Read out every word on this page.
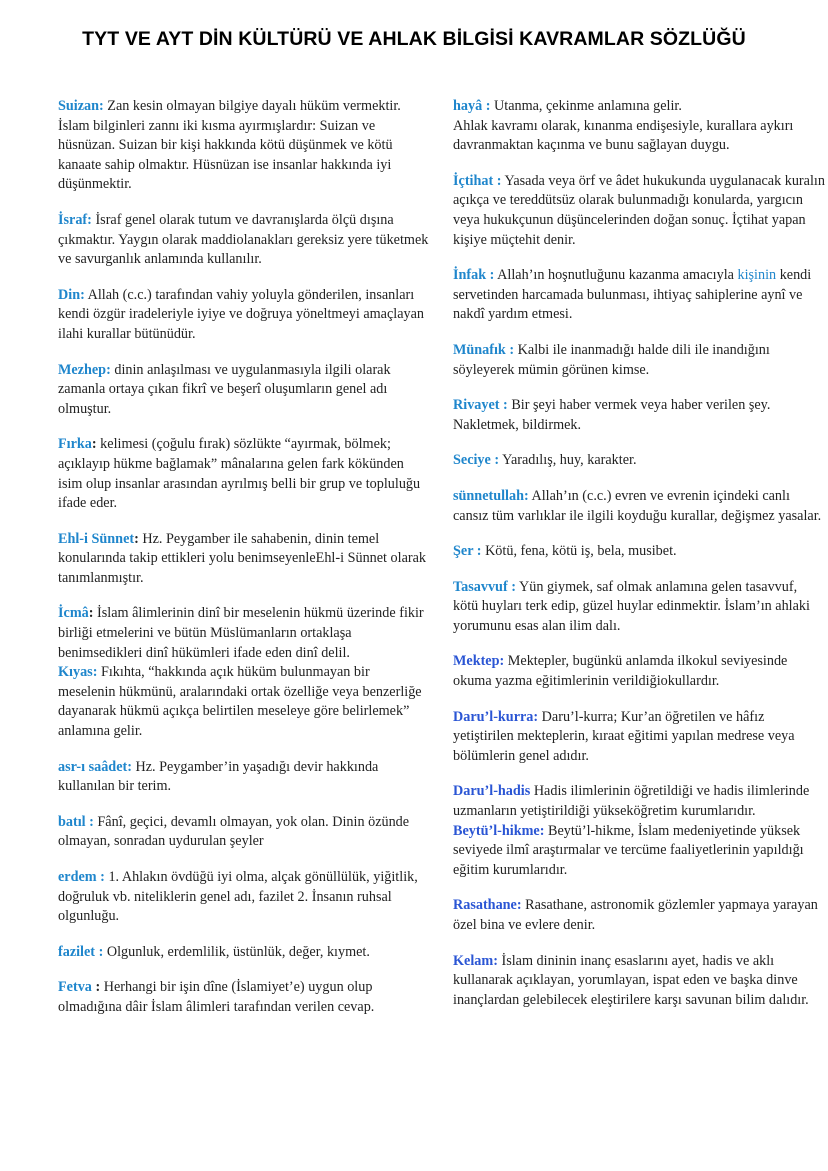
TYT VE AYT DİN KÜLTÜRÜ VE AHLAK BİLGİSİ KAVRAMLAR SÖZLÜĞÜ

Suizan: Zan kesin olmayan bilgiye dayalı hüküm vermektir. İslam bilginleri zannı iki kısma ayırmışlardır: Suizan ve hüsnüzan. Suizan bir kişi hakkında kötü düşünmek ve kötü kanaate sahip olmaktır. Hüsnüzan ise insanlar hakkında iyi düşünmektir.

İsraf: İsraf genel olarak tutum ve davranışlarda ölçü dışına çıkmaktır. Yaygın olarak maddiolanakları gereksiz yere tüketmek ve savurganlık anlamında kullanılır.

Din: Allah (c.c.) tarafından vahiy yoluyla gönderilen, insanları kendi özgür iradeleriyle iyiye ve doğruya yöneltmeyi amaçlayan ilahi kurallar bütünüdür.

Mezhep: dinin anlaşılması ve uygulanmasıyla ilgili olarak zamanla ortaya çıkan fikrî ve beşerî oluşumların genel adı olmuştur.

Fırka: kelimesi (çoğulu fırak) sözlükte “ayırmak, bölmek; açıklayıp hükme bağlamak” mânalarına gelen fark kökünden isim olup insanlar arasından ayrılmış belli bir grup ve topluluğu ifade eder.

Ehl-i Sünnet: Hz. Peygamber ile sahabenin, dinin temel konularında takip ettikleri yolu benimseyenleEhl-i Sünnet olarak tanımlanmıştır.

İcmâ: İslam âlimlerinin dinî bir meselenin hükmü üzerinde fikir birliği etmelerini ve bütün Müslümanların ortaklaşa benimsedikleri dinî hükümleri ifade eden dinî delil.

Kıyas: Fıkıhta, “hakkında açık hüküm bulunmayan bir meselenin hükmünü, aralarındaki ortak özelliğe veya benzerliğe dayanarak hükmü açıkça belirtilen meseleye göre belirlemek” anlamına gelir.

asr-ı saâdet: Hz. Peygamber’in yaşadığı devir hakkında kullanılan bir terim.

batıl : Fânî, geçici, devamlı olmayan, yok olan. Dinin özünde olmayan, sonradan uydurulan şeyler

erdem : 1. Ahlakın övdüğü iyi olma, alçak gönüllülük, yiğitlik, doğruluk vb. niteliklerin genel adı, fazilet 2. İnsanın ruhsal olgunluğu.

fazilet : Olgunluk, erdemlilik, üstünlük, değer, kıymet.

Fetva : Herhangi bir işin dîne (İslamiyet’e) uygun olup olmadığına dâir İslam âlimleri tarafından verilen cevap.

hayâ : Utanma, çekinme anlamına gelir.
Ahlak kavramı olarak, kınanma endişesiyle, kurallara aykırı davranmaktan kaçınma ve bunu sağlayan duygu.

İçtihat : Yasada veya örf ve âdet hukukunda uygulanacak kuralın açıkça ve tereddütsüz olarak bulunmadığı konularda, yargıcın veya hukukçunun düşüncelerinden doğan sonuç. İçtihat yapan kişiye müçtehit denir.

İnfak : Allah’ın hoşnutluğunu kazanma amacıyla kişinin kendi servetinden harcamada bulunması, ihtiyaç sahiplerine aynî ve nakdî yardım etmesi.

Münafık : Kalbi ile inanmadığı halde dili ile inandığını söyleyerek mümin görünen kimse.

Rivayet : Bir şeyi haber vermek veya haber verilen şey. Nakletmek, bildirmek.

Seciye : Yaradılış, huy, karakter.

sünnetullah: Allah’ın (c.c.) evren ve evrenin içindeki canlı cansız tüm varlıklar ile ilgili koyduğu kurallar, değişmez yasalar.

Şer : Kötü, fena, kötü iş, bela, musibet.

Tasavvuf : Yün giymek, saf olmak anlamına gelen tasavvuf, kötü huyları terk edip, güzel huylar edinmektir. İslam’ın ahlaki yorumunu esas alan ilim dalı.

Mektep: Mektepler, bugünkü anlamda ilkokul seviyesinde okuma yazma eğitimlerinin verildiğiokullardır.

Daru’l-kurra: Daru’l-kurra; Kur’an öğretilen ve hâfız yetiştirilen mekteplerin, kıraat eğitimi yapılan medrese veya bölümlerin genel adıdır.

Daru’l-hadis Hadis ilimlerinin öğretildiği ve hadis ilimlerinde uzmanların yetiştirildiği yükseköğretim kurumlarıdır.

Beytü’l-hikme: Beytü’l-hikme, İslam medeniyetinde yüksek seviyede ilmî araştırmalar ve tercüme faaliyetlerinin yapıldığı eğitim kurumlarıdır.

Rasathane: Rasathane, astronomik gözlemler yapmaya yarayan özel bina ve evlere denir.

Kelam: İslam dininin inanç esaslarını ayet, hadis ve aklı kullanarak açıklayan, yorumlayan, ispat eden ve başka dinve inançlardan gelebilecek eleştirilere karşı savunan bilim dalıdır.
